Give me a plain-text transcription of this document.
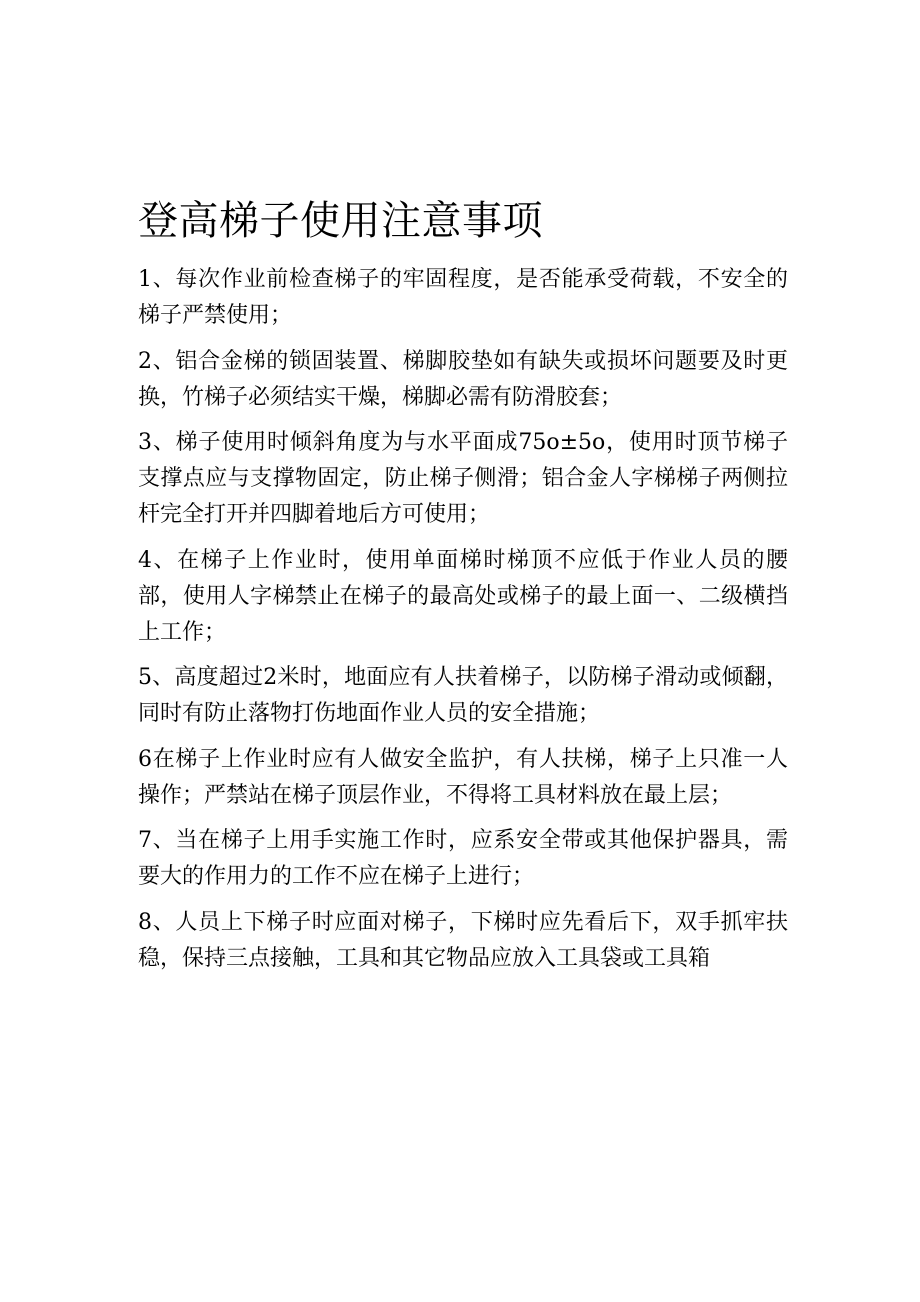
登高梯子使用注意事项

1、每次作业前检查梯子的牢固程度，是否能承受荷载，不安全的梯子严禁使用；

2、铝合金梯的锁固装置、梯脚胶垫如有缺失或损坏问题要及时更换，竹梯子必须结实干燥，梯脚必需有防滑胶套；

3、梯子使用时倾斜角度为与水平面成75o±5o，使用时顶节梯子支撑点应与支撑物固定，防止梯子侧滑；铝合金人字梯梯子两侧拉杆完全打开并四脚着地后方可使用；

4、在梯子上作业时，使用单面梯时梯顶不应低于作业人员的腰部，使用人字梯禁止在梯子的最高处或梯子的最上面一、二级横挡上工作；

5、高度超过2米时，地面应有人扶着梯子，以防梯子滑动或倾翻，同时有防止落物打伤地面作业人员的安全措施；

6在梯子上作业时应有人做安全监护，有人扶梯，梯子上只准一人操作；严禁站在梯子顶层作业，不得将工具材料放在最上层；

7、当在梯子上用手实施工作时，应系安全带或其他保护器具，需要大的作用力的工作不应在梯子上进行；

8、人员上下梯子时应面对梯子，下梯时应先看后下，双手抓牢扶稳，保持三点接触，工具和其它物品应放入工具袋或工具箱
